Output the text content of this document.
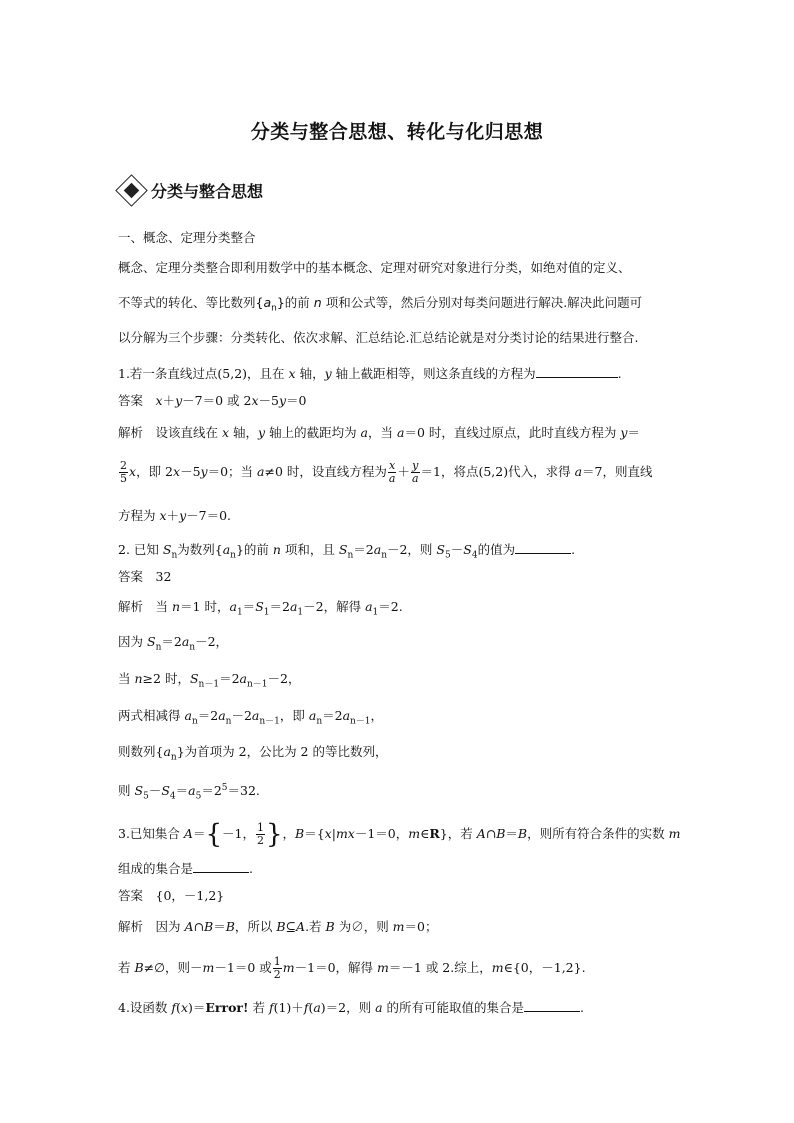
分类与整合思想、转化与化归思想
分类与整合思想
一、概念、定理分类整合
概念、定理分类整合即利用数学中的基本概念、定理对研究对象进行分类，如绝对值的定义、
不等式的转化、等比数列$\{a_n\}$的前 n 项和公式等，然后分别对每类问题进行解决.解决此问题可
以分解为三个步骤：分类转化、依次求解、汇总结论.汇总结论就是对分类讨论的结果进行整合.
1.若一条直线过点(5,2)，且在 x 轴，y 轴上截距相等，则这条直线的方程为	.
答案　x＋y－7＝0 或 2x－5y＝0
解析　设该直线在 x 轴，y 轴上的截距均为 a，当 a＝0 时，直线过原点，此时直线方程为 y＝
$\frac{2}{5}$ x，即 2x－5y＝0；当 a≠0 时，设直线方程为 $\frac{x}{a} + \frac{y}{a} =1$，将点(5,2)代入，求得 a＝7，则直线
方程为 x＋y－7＝0.
2. 已知 $S_n$为数列$\{a_n\}$的前 n 项和，且 $S_n=2a_n-2$，则 $S_5-S_4$的值为	.
答案　32
解析　当 n＝1 时，$a_1=S_1=2a_1-2$，解得 $a_1=2$.
因为 $S_n=2a_n-2$，
当 n≥2 时，$S_{n-1}=2a_{n-1}-2$，
两式相减得 $a_n=2a_n-2a_{n-1}$，即 $a_n=2a_{n-1}$，
则数列$\{a_n\}$为首项为 2，公比为 2 的等比数列，
则 $S_5-S_4=a_5=2^5=32$.
3.已知集合 A＝{－1， $\frac{1}{2}$ }，B＝{x|mx－1＝0，m∈R}，若 A∩B＝B，则所有符合条件的实数 m
组成的集合是	.
答案　{0，－1,2}
解析　因为 A∩B＝B，所以 B⊆A.若 B 为∅，则 m＝0；
若 B≠∅，则－m－1＝0 或 $\frac{1}{2} m-1=0$，解得 m＝－1 或 2.综上，m∈{0，－1,2}.
4.设函数 f(x)＝Error! 若 f(1)＋f(a)＝2，则 a 的所有可能取值的集合是	.
